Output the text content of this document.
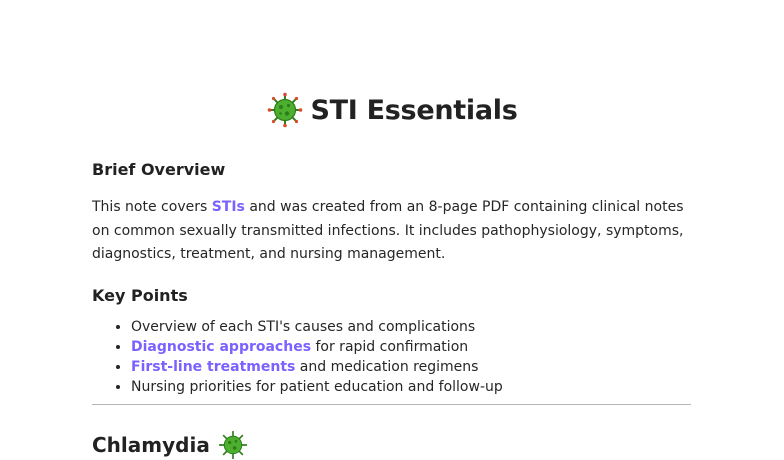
STI Essentials
Brief Overview

This note covers STIs and was created from an 8-page PDF containing clinical notes on common sexually transmitted infections. It includes pathophysiology, symptoms, diagnostics, treatment, and nursing management.

Key Points
• Overview of each STI's causes and complications
• Diagnostic approaches for rapid confirmation
• First-line treatments and medication regimens
• Nursing priorities for patient education and follow-up
Chlamydia
